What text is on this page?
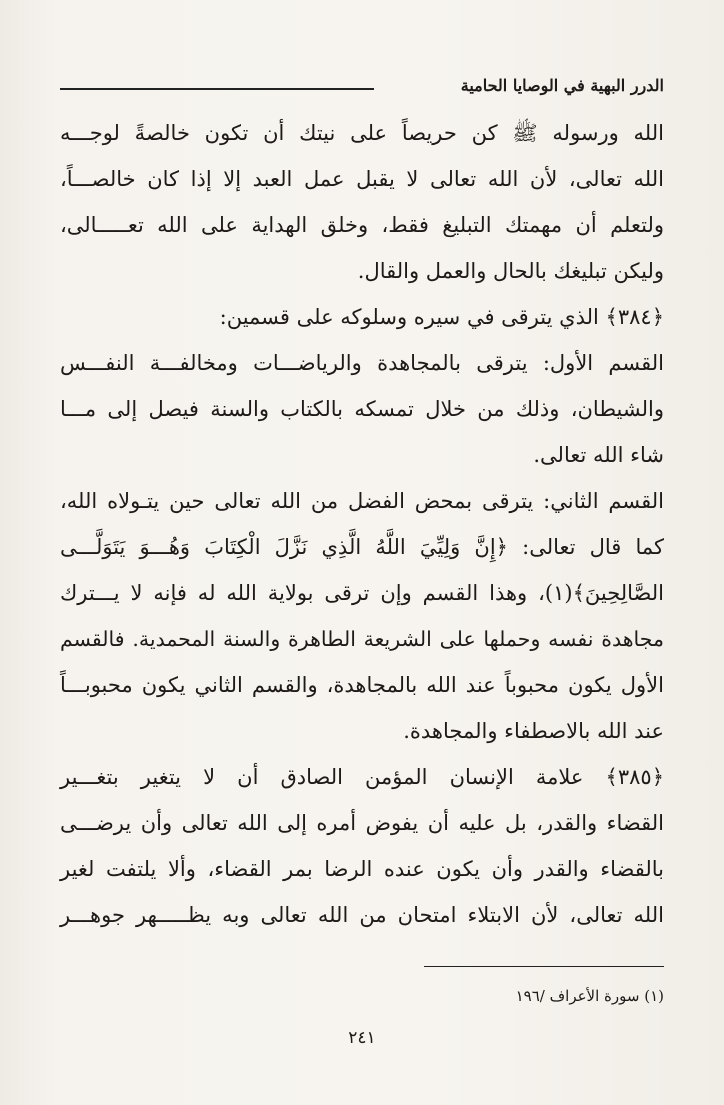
الدرر البهية في الوصايا الحامية
الله ورسوله ﷺ كن حريصاً على نيتك أن تكون خالصةً لوجـــه
الله تعالى، لأن الله تعالى لا يقبل عمل العبد إلا إذا كان خالصـــاً،
ولتعلم أن مهمتك التبليغ فقط، وخلق الهداية على الله تعـــــالى،
وليكن تبليغك بالحال والعمل والقال.
﴿٣٨٤﴾ الذي يترقى في سيره وسلوكه على قسمين:
القسم الأول: يترقى بالمجاهدة والرياضـــات ومخالفـــة النفـــس
والشيطان، وذلك من خلال تمسكه بالكتاب والسنة فيصل إلى مـــا
شاء الله تعالى.
القسم الثاني: يترقى بمحض الفضل من الله تعالى حين يتـولاه الله،
كما قال تعالى: ﴿إِنَّ وَلِيِّيَ اللَّهُ الَّذِي نَزَّلَ الْكِتَابَ وَهُـــوَ يَتَوَلَّـــى
الصَّالِحِينَ﴾(١)، وهذا القسم وإن ترقى بولاية الله له فإنه لا يـــترك
مجاهدة نفسه وحملها على الشريعة الطاهرة والسنة المحمدية. فالقسم
الأول يكون محبوباً عند الله بالمجاهدة، والقسم الثاني يكون محبوبـــاً
عند الله بالاصطفاء والمجاهدة.
﴿٣٨٥﴾ علامة الإنسان المؤمن الصادق أن لا يتغير بتغـــير
القضاء والقدر، بل عليه أن يفوض أمره إلى الله تعالى وأن يرضـــى
بالقضاء والقدر وأن يكون عنده الرضا بمر القضاء، وألا يلتفت لغير
الله تعالى، لأن الابتلاء امتحان من الله تعالى وبه يظـــــهر جوهـــر
(١) سورة الأعراف /١٩٦
٢٤١
